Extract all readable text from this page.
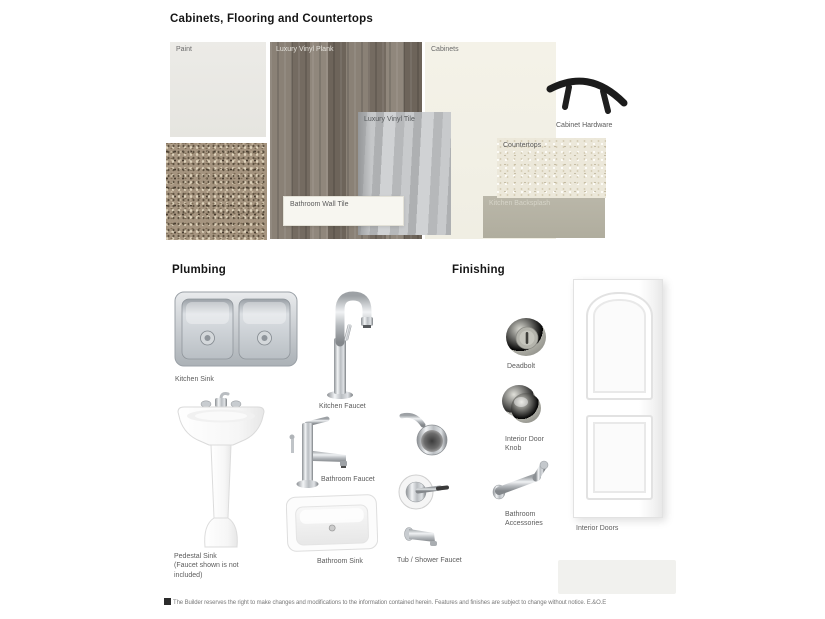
Cabinets, Flooring and Countertops
Paint	Luxury Vinyl Plank
Luxury Vinyl Tile
Bathroom Wall Tile
Cabinets
Cabinet Hardware
Countertops
Kitchen Backsplash
Plumbing
Kitchen Sink
Kitchen Faucet
Pedestal Sink (Faucet shown is not included)
Bathroom Faucet
Bathroom Sink	Tub / Shower Faucet
Finishing
Deadbolt
Interior Door Knob
Bathroom Accessories
Interior Doors
The Builder reserves the right to make changes and modifications to the information contained herein. Features and finishes are subject to change without notice. E.&O.E
